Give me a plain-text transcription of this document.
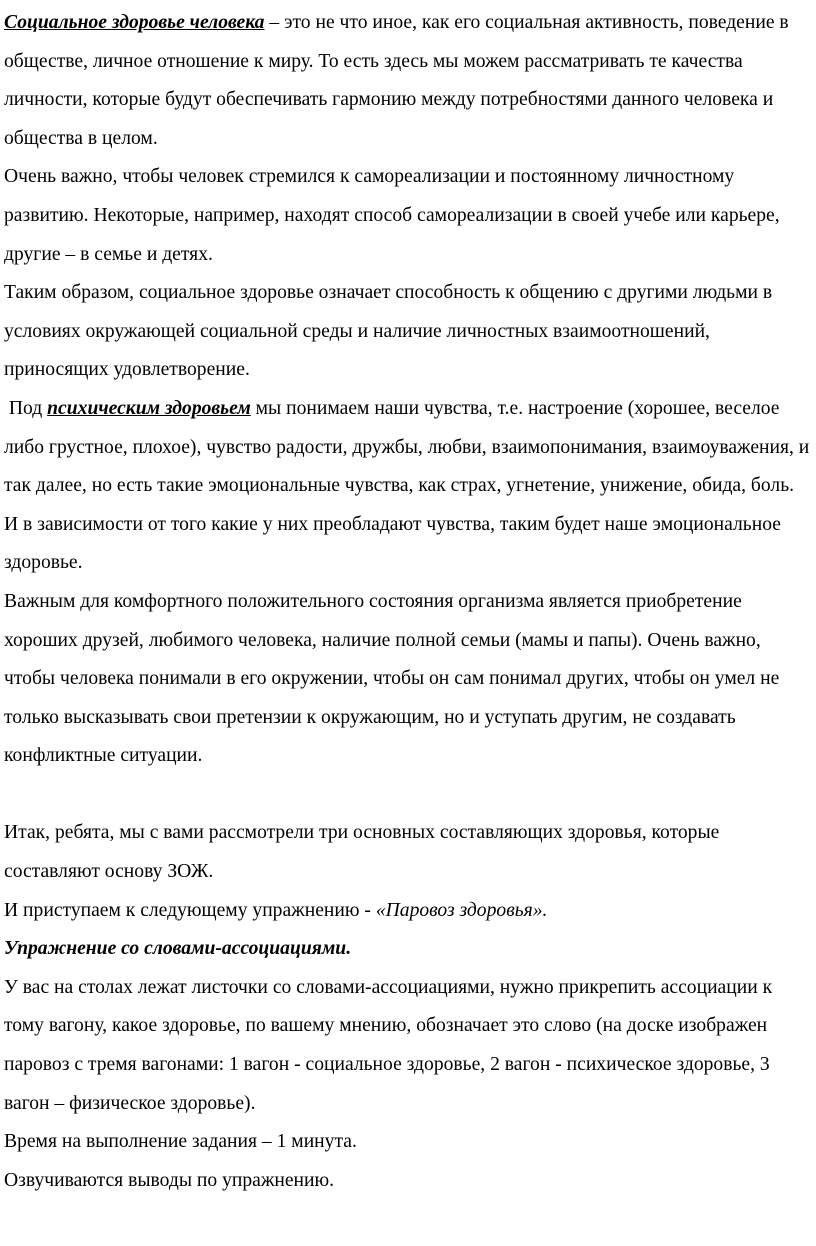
Социальное здоровье человека – это не что иное, как его социальная активность, поведение в обществе, личное отношение к миру. То есть здесь мы можем рассматривать те качества личности, которые будут обеспечивать гармонию между потребностями данного человека и общества в целом.

Очень важно, чтобы человек стремился к самореализации и постоянному личностному развитию. Некоторые, например, находят способ самореализации в своей учебе или карьере, другие – в семье и детях.

Таким образом, социальное здоровье означает способность к общению с другими людьми в условиях окружающей социальной среды и наличие личностных взаимоотношений, приносящих удовлетворение.

Под психическим здоровьем мы понимаем наши чувства, т.е. настроение (хорошее, веселое либо грустное, плохое), чувство радости, дружбы, любви, взаимопонимания, взаимоуважения, и так далее, но есть такие эмоциональные чувства, как страх, угнетение, унижение, обида, боль. И в зависимости от того какие у них преобладают чувства, таким будет наше эмоциональное здоровье.

Важным для комфортного положительного состояния организма является приобретение хороших друзей, любимого человека, наличие полной семьи (мамы и папы). Очень важно, чтобы человека понимали в его окружении, чтобы он сам понимал других, чтобы он умел не только высказывать свои претензии к окружающим, но и уступать другим, не создавать конфликтные ситуации.

Итак, ребята, мы с вами рассмотрели три основных составляющих здоровья, которые составляют основу ЗОЖ.

И приступаем к следующему упражнению - «Паровоз здоровья».

Упражнение со словами-ассоциациями.

У вас на столах лежат листочки со словами-ассоциациями, нужно прикрепить ассоциации к тому вагону, какое здоровье, по вашему мнению, обозначает это слово (на доске изображен паровоз с тремя вагонами: 1 вагон - социальное здоровье, 2 вагон - психическое здоровье, 3 вагон – физическое здоровье).

Время на выполнение задания – 1 минута.

Озвучиваются выводы по упражнению.
